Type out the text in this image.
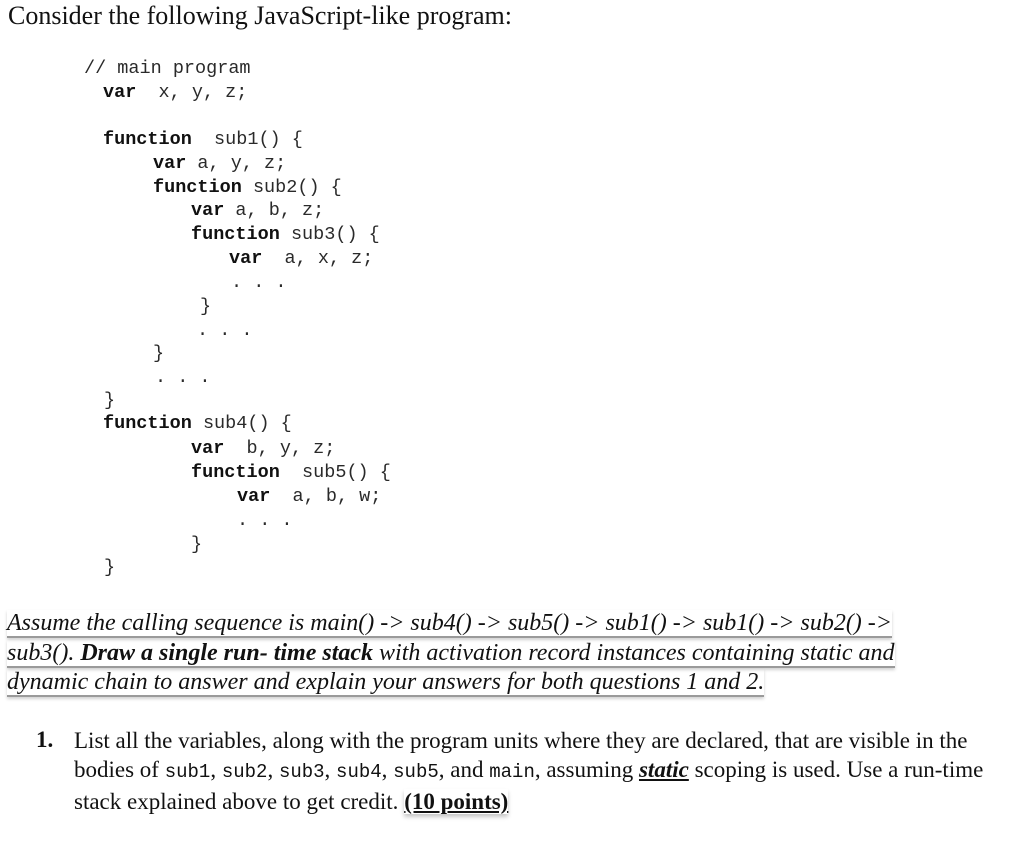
Consider the following JavaScript-like program:
// main program
var x, y, z;
function sub1() {
var a, y, z;
function sub2() {
var a, b, z;
function sub3() {
var a, x, z;
. . .
}
. . .
}
. . .
}
function sub4() {
var b, y, z;
function sub5() {
var a, b, w;
. . .
}
}
Assume the calling sequence is main() -> sub4() -> sub5() -> sub1() -> sub1() -> sub2() ->
sub3(). Draw a single run- time stack with activation record instances containing static and
dynamic chain to answer and explain your answers for both questions 1 and 2.
1. List all the variables, along with the program units where they are declared, that are visible in the bodies of sub1, sub2, sub3, sub4, sub5, and main, assuming static scoping is used. Use a run-time stack explained above to get credit. (10 points)
